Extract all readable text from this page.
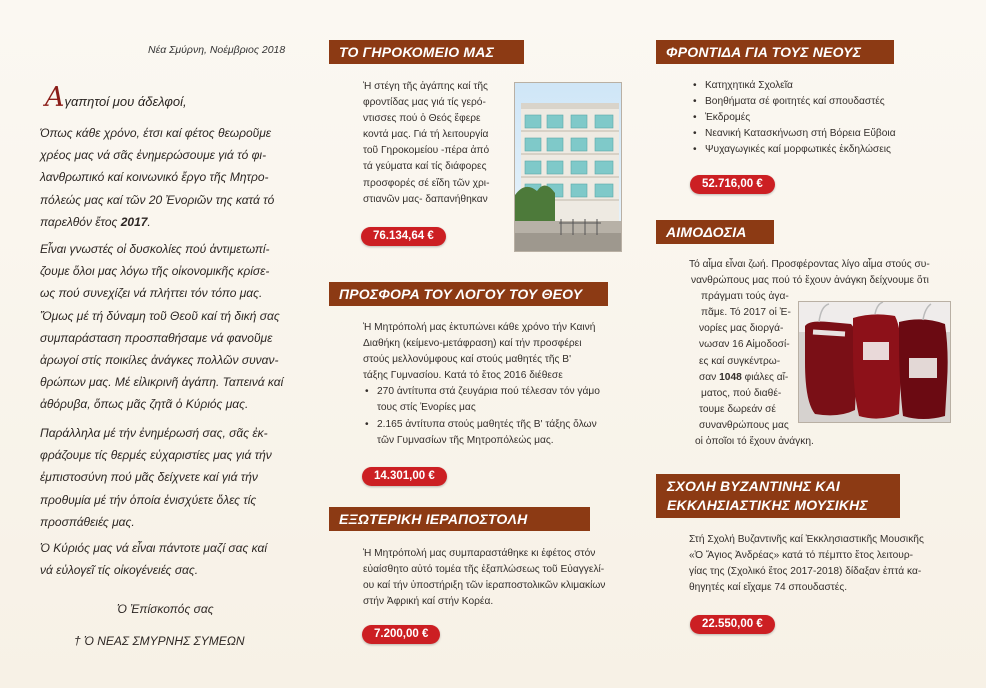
Νέα Σμύρνη, Νοέμβριος 2018
Αγαπητοί μου άδελφοί,
Όπως κάθε χρόνο, έτσι καί φέτος θεωροῦμε
χρέος μας νά σᾶς ἐνημερώσουμε γιά τό φι-
λανθρωπικό καί κοινωνικό ἔργο τῆς Μητρο-
πόλεώς μας καί τῶν 20 Ἐνοριῶν της κατά τό
παρελθόν ἔτος 2017.
Εἶναι γνωστές οἱ δυσκολίες πού ἀντιμετωπί-
ζουμε ὅλοι μας λόγω τῆς οἰκονομικῆς κρίσε-
ως πού συνεχίζει νά πλήττει τόν τόπο μας.
Ὅμως μέ τή δύναμη τοῦ Θεοῦ καί τή δική σας
συμπαράσταση προσπαθήσαμε νά φανοῦμε
ἀρωγοί στίς ποικίλες ἀνάγκες πολλῶν συναν-
θρώπων μας. Μέ εἰλικρινῆ ἀγάπη. Ταπεινά καί
ἀθόρυβα, ὅπως μᾶς ζητᾶ ὁ Κύριός μας.
Παράλληλα μέ τήν ἐνημέρωσή σας, σᾶς ἐκ-
φράζουμε τίς θερμές εὐχαριστίες μας γιά τήν
ἐμπιστοσύνη πού μᾶς δείχνετε καί γιά τήν
προθυμία μέ τήν ὁποία ἐνισχύετε ὅλες τίς
προσπάθειές μας.
Ὁ Κύριός μας νά εἶναι πάντοτε μαζί σας καί
νά εὐλογεῖ τίς οἰκογένειές σας.
Ὁ Ἐπίσκοπός σας
† Ὁ ΝΕΑΣ ΣΜΥΡΝΗΣ ΣΥΜΕΩΝ
ΤΟ ΓΗΡΟΚΟΜΕΙΟ ΜΑΣ
Ἡ στέγη τῆς ἀγάπης καί τῆς
φροντίδας μας γιά τίς γερό-
ντισσες πού ὁ Θεός ἔφερε
κοντά μας. Γιά τή λειτουργία
τοῦ Γηροκομείου -πέρα ἀπό
τά γεύματα καί τίς διάφορες
προσφορές σέ εἴδη τῶν χρι-
στιανῶν μας- δαπανήθηκαν
76.134,64 €
ΠΡΟΣΦΟΡΑ ΤΟΥ ΛΟΓΟΥ ΤΟΥ ΘΕΟΥ
Ἡ Μητρόπολή μας ἐκτυπώνει κάθε χρόνο τήν Καινή
Διαθήκη (κείμενο-μετάφραση) καί τήν προσφέρει
στούς μελλονύμφους καί στούς μαθητές τῆς Β'
τάξης Γυμνασίου. Κατά τό ἔτος 2016 διέθεσε
• 270 ἀντίτυπα στά ζευγάρια πού τέλεσαν τόν γάμο
τους στίς Ἐνορίες μας
• 2.165 ἀντίτυπα στούς μαθητές τῆς Β' τάξης ὅλων
τῶν Γυμνασίων τῆς Μητροπόλεώς μας.
14.301,00 €
ΕΞΩΤΕΡΙΚΗ ΙΕΡΑΠΟΣΤΟΛΗ
Ἡ Μητρόπολή μας συμπαραστάθηκε κι ἐφέτος στόν
εὐαίσθητο αὐτό τομέα τῆς ἐξαπλώσεως τοῦ Εὐαγγελί-
ου καί τήν ὑποστήριξη τῶν ἱεραποστολικῶν κλιμακίων
στήν Ἀφρική καί στήν Κορέα.
7.200,00 €
ΦΡΟΝΤΙΔΑ ΓΙΑ ΤΟΥΣ ΝΕΟΥΣ
• Κατηχητικά Σχολεῖα
• Βοηθήματα σέ φοιτητές καί σπουδαστές
• Ἐκδρομές
• Νεανική Κατασκήνωση στή Βόρεια Εὔβοια
• Ψυχαγωγικές καί μορφωτικές ἐκδηλώσεις
52.716,00 €
ΑΙΜΟΔΟΣΙΑ
Τό αἷμα εἶναι ζωή. Προσφέροντας λίγο αἷμα στούς συ-
νανθρώπους μας πού τό ἔχουν ἀνάγκη δείχνουμε ὅτι
πράγματι τούς ἀγα-
πᾶμε. Τό 2017 οἱ Ἐ-
νορίες μας διοργά-
νωσαν 16 Αἱμοδοσί-
ες καί συγκέντρω-
σαν 1048 φιάλες αἵ-
ματος, πού διαθέ-
τουμε δωρεάν σέ
συνανθρώπους μας
οἱ ὁποῖοι τό ἔχουν ἀνάγκη.
ΣΧΟΛΗ ΒΥΖΑΝΤΙΝΗΣ ΚΑΙ
ΕΚΚΛΗΣΙΑΣΤΙΚΗΣ ΜΟΥΣΙΚΗΣ
Στή Σχολή Βυζαντινῆς καί Ἐκκλησιαστικῆς Μουσικῆς
«Ὁ Ἅγιος Ἀνδρέας» κατά τό πέμπτο ἔτος λειτουρ-
γίας της (Σχολικό ἔτος 2017-2018) δίδαξαν ἑπτά κα-
θηγητές καί εἴχαμε 74 σπουδαστές.
22.550,00 €
